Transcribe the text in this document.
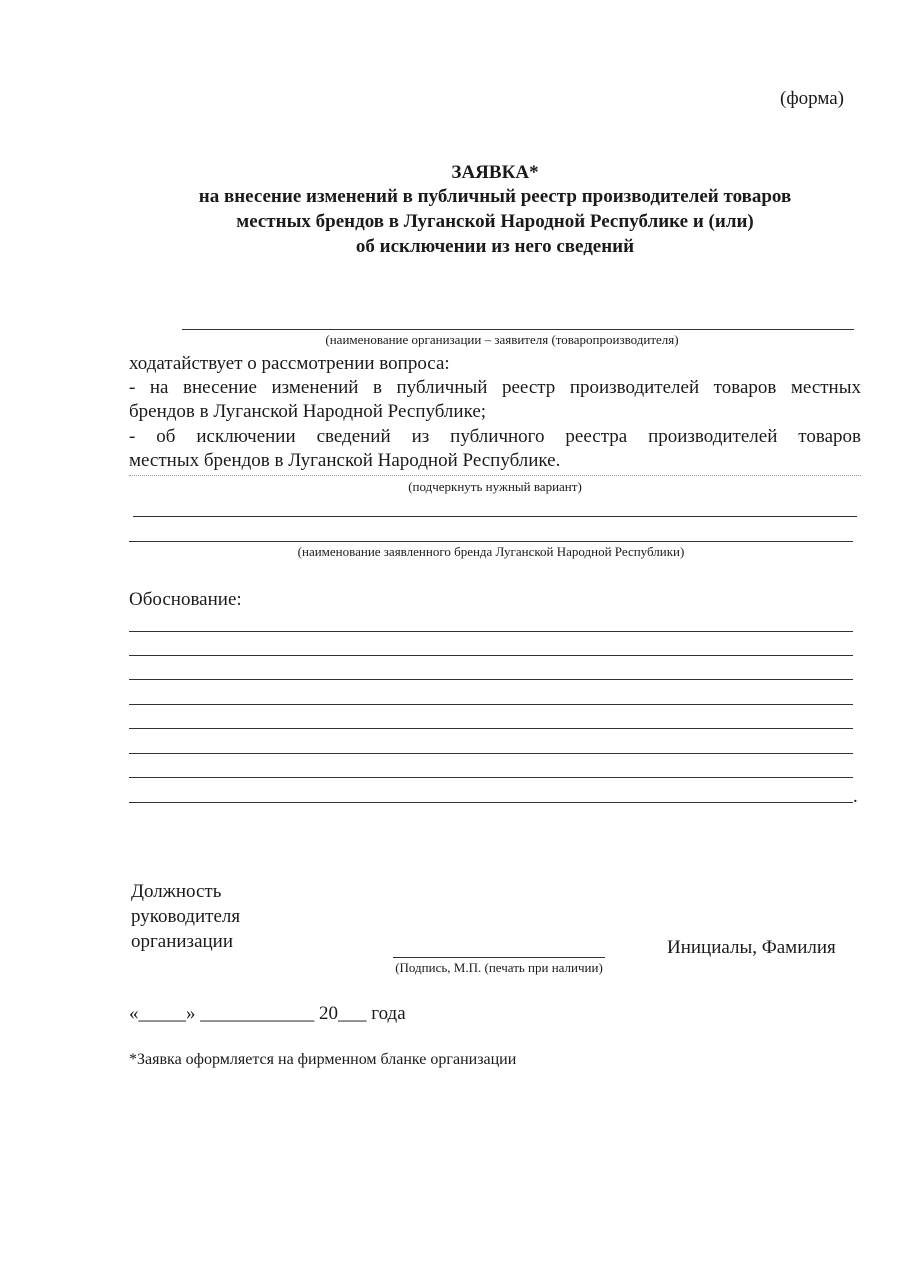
(форма)
ЗАЯВКА*
на внесение изменений в публичный реестр производителей товаров
местных брендов в Луганской Народной Республике и (или)
об исключении из него сведений
(наименование организации – заявителя (товаропроизводителя)
ходатайствует о рассмотрении вопроса:
- на внесение изменений в публичный реестр производителей товаров местных
брендов в Луганской Народной Республике;
- об исключении сведений из публичного реестра производителей товаров
местных брендов в Луганской Народной Республике.
(подчеркнуть нужный вариант)
(наименование заявленного бренда Луганской Народной Республики)
Обоснование:
.
Должность
руководителя
организации
(Подпись, М.П. (печать при наличии)
Инициалы, Фамилия
«_____» ____________ 20___ года
*Заявка оформляется на фирменном бланке организации
